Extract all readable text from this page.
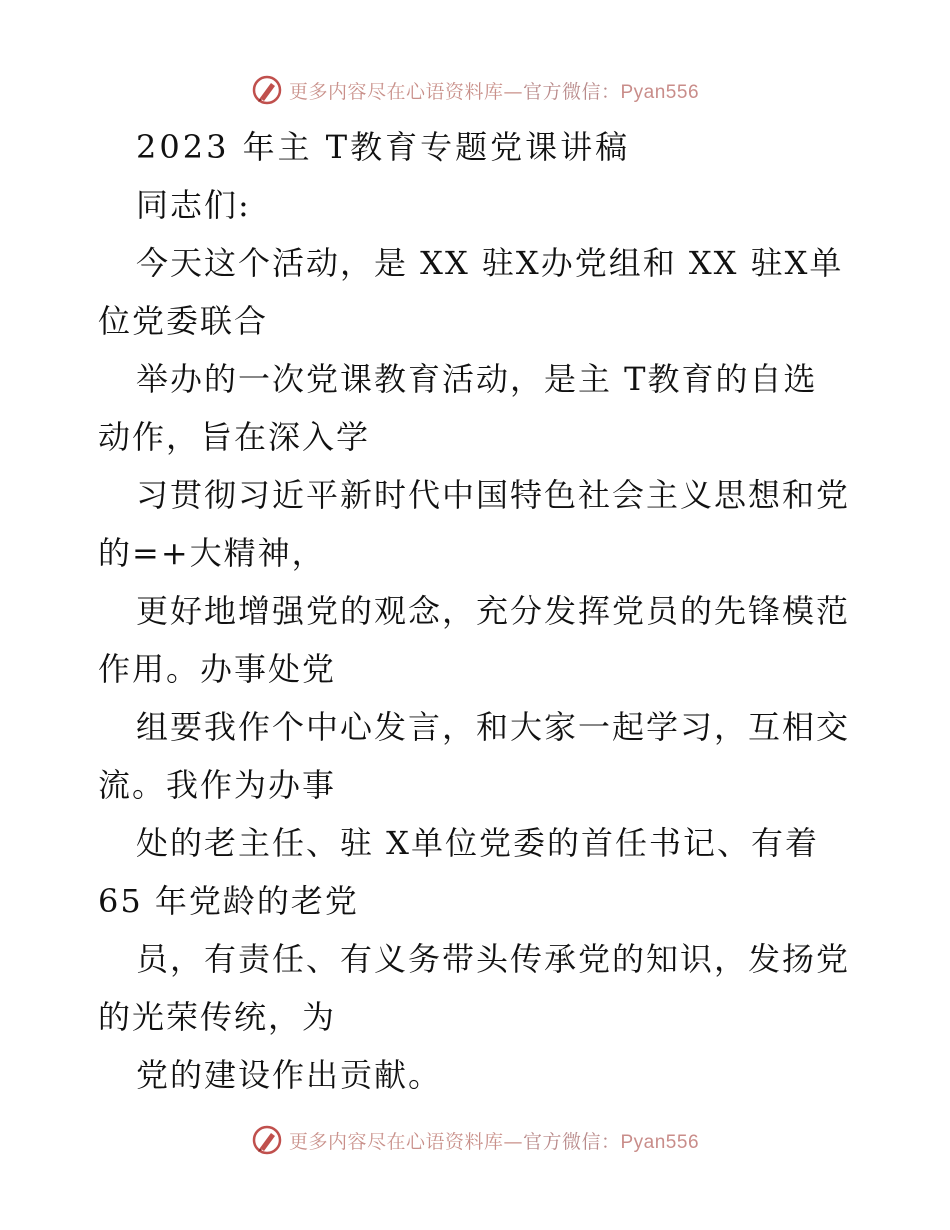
更多内容尽在心语资料库—官方微信：Pyan556
2023 年主 T教育专题党课讲稿
同志们:
今天这个活动，是 XX 驻X办党组和 XX 驻X单
位党委联合
举办的一次党课教育活动，是主 T教育的自选
动作，旨在深入学
习贯彻习近平新时代中国特色社会主义思想和党
的=+大精神，
更好地增强党的观念，充分发挥党员的先锋模范
作用。办事处党
组要我作个中心发言，和大家一起学习，互相交
流。我作为办事
处的老主任、驻 X单位党委的首任书记、有着
65 年党龄的老党
员，有责任、有义务带头传承党的知识，发扬党
的光荣传统，为
党的建设作出贡献。
更多内容尽在心语资料库—官方微信：Pyan556
